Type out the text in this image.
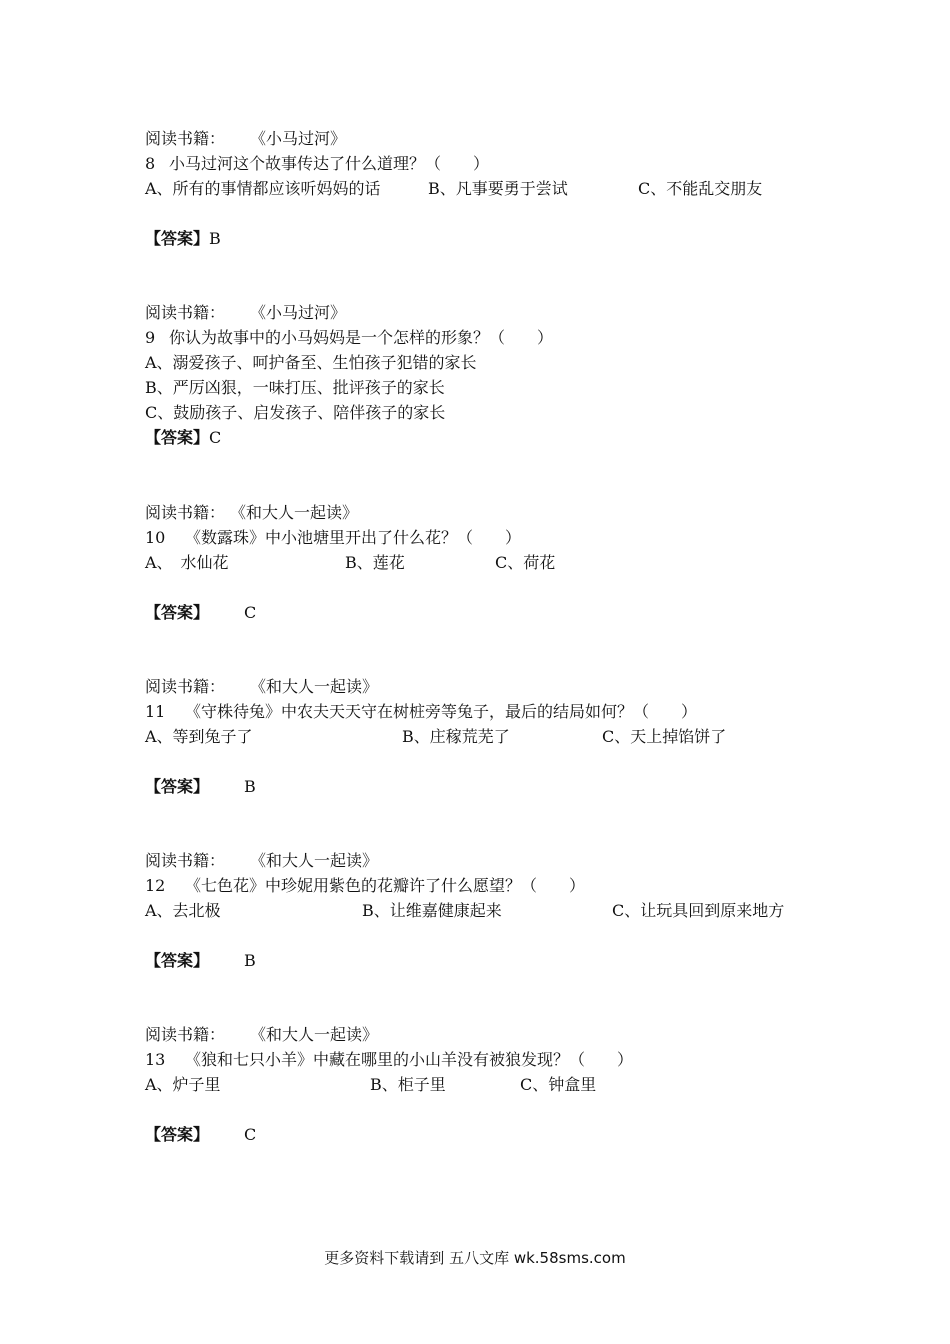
阅读书籍： 《小马过河》
8 小马过河这个故事传达了什么道理？（　　）
A、所有的事情都应该听妈妈的话	B、凡事要勇于尝试	C、不能乱交朋友
【答案】B
阅读书籍： 《小马过河》
9 你认为故事中的小马妈妈是一个怎样的形象？（　　）
A、溺爱孩子、呵护备至、生怕孩子犯错的家长
B、严厉凶狠，一味打压、批评孩子的家长
C、鼓励孩子、启发孩子、陪伴孩子的家长
【答案】C
阅读书籍： 《和大人一起读》
10 《数露珠》中小池塘里开出了什么花？（　　）
A、　水仙花	B、莲花	C、荷花
【答案】 C
阅读书籍： 《和大人一起读》
11 《守株待兔》中农夫天天守在树桩旁等兔子，最后的结局如何？（　　）
A、等到兔子了	B、庄稼荒芜了	C、天上掉馅饼了
【答案】 B
阅读书籍： 《和大人一起读》
12 《七色花》中珍妮用紫色的花瓣许了什么愿望？（　　）
A、去北极	B、让维嘉健康起来	C、让玩具回到原来地方
【答案】 B
阅读书籍： 《和大人一起读》
13 《狼和七只小羊》中藏在哪里的小山羊没有被狼发现？（　　）
A、炉子里	B、柜子里	C、钟盒里
【答案】 C
更多资料下载请到 五八文库 wk.58sms.com
